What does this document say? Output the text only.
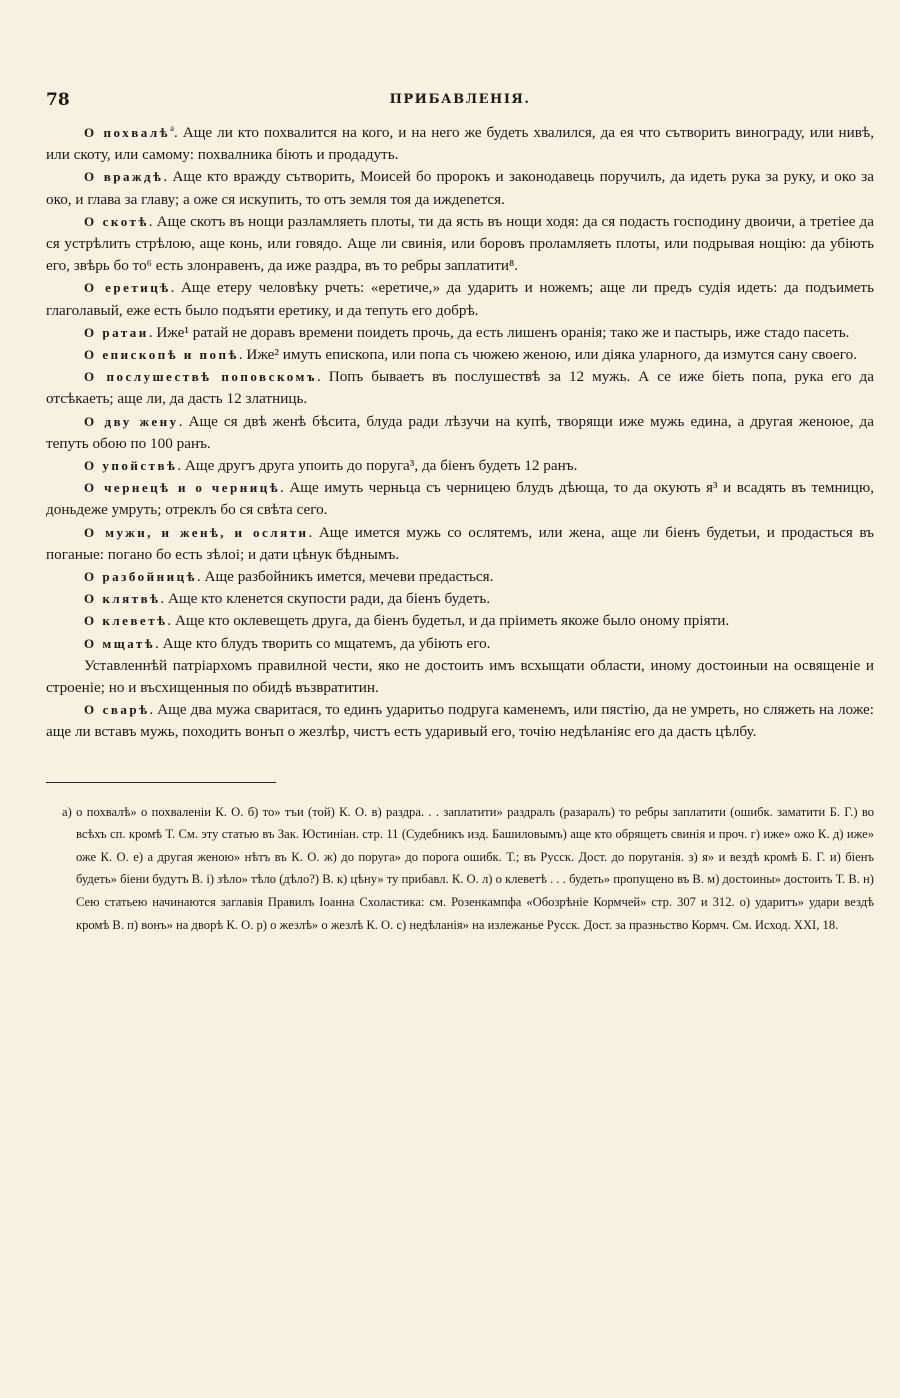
78	ПРИБАВЛЕНІЯ.

О похвалѣ$^а$. Аще ли кто похвалится на кого, и на него же будеть хвалился, да ея что сътворить винограду, или нивѣ, или скоту, или самому: похвалника біють и продадуть.

О враждѣ. Аще кто вражду сътворить, Моисей бо пророкъ и законодавець поручилъ, да идеть рука за руку, и око за око, и глава за главу; а оже ся искупить, то отъ земля тоя да иждenется.

О скотѣ. Аще скотъ въ нощи разламляеть плоты, ти да ясть въ нощи ходя: да ся подасть господину двоичи, а третіее да ся устрѣлить стрѣлою, аще конь, или говядо. Аще ли свинія, или боровъ проламляеть плоты, или подрывая нощію: да убіють его, звѣрь бо то⁶ есть злонравенъ, да иже раздра, въ то ребры заплатити⁸.

О еретицѣ. Аще етеру человѣку рчеть: «еретиче,» да ударить и ножемъ; аще ли предъ судія идеть: да подъиметь глаголавый, еже есть было подъяти еретику, и да тепуть его добрѣ.

О ратаи. Иже¹ ратай не доравъ времени поидеть прочь, да есть лишенъ оранія; тако же и пастырь, иже стадо пасеть.

О епископѣ и попѣ. Иже² имуть епископа, или попа съ чюжею женою, или діяка уларного, да измутся сану своего.

О послушествѣ поповскомъ. Попъ бываетъ въ послушествѣ за 12 мужь. А се иже біеть попа, рука его да отсѣкаеть; аще ли, да дасть 12 златниць.

О дву жену. Аще ся двѣ женѣ бѣсита, блуда ради лѣзучи на купѣ, творящи иже мужь едина, а другая женоюе, да тепуть обою по 100 ранъ.

О упойствѣ. Аще другъ друга упоить до поруга³, да біенъ будеть 12 ранъ.

О чернецѣ и о черницѣ. Аще имуть черньца съ черницею блудъ дѣюща, то да окують я³ и всадять въ темницю, доньдеже умруть; отреклъ бо ся свѣта сего.

О мужи, и женѣ, и осляти. Аще имется мужь со ослятемъ, или жена, аще ли біенъ будетьи, и продасться въ поганые: погано бо есть зѣлоі; и дати цѣнук бѣднымъ.

О разбойницѣ. Аще разбойникъ имется, мечеви предасться.

О клятвѣ. Аще кто кленется скупости ради, да біенъ будеть.

О клеветѣ. Аще кто оклевещеть друга, да біенъ будетьл, и да пріиметь якоже было оному пріяти.

О мщатѣ. Аще кто блудъ творить со мщатемъ, да убіють его.

Уставленнѣй патріархомъ правилной чести, яко не достоить имъ всхыщати области, иному достоиныи на освященіе и строеніе; но и въсхищенныя по обидѣ възвратитин.

О сварѣ. Аще два мужа сваритася, то единъ ударитьо подруга каменемъ, или пястію, да не умреть, но сляжеть на ложе: аще ли вставъ мужь, походить вонъп о жезлѣр, чистъ есть ударивый его, точію недѣланіяс его да дасть цѣлбу.

а) о похвалѣ» о похваленіи К. О. б) то» тъи (той) К. О. в) раздра. . . заплатити» раздралъ (разаралъ) то ребры заплатити (ошибк. заматити Б. Г.) во всѣхъ сп. кромѣ Т. См. эту статью въ Зак. Юстиніан. стр. 11 (Судебникъ изд. Башиловымъ) аще кто обрящетъ свинія и проч. г) иже» ожо К. д) иже» оже К. О. е) а другая женою» нѣтъ въ К. О. ж) до поруга» до порога ошибк. Т.; въ Русск. Дост. до поруганія. з) я» и вездѣ кромѣ Б. Г. и) біенъ будеть» біени будутъ В. і) зѣло» тѣло (дѣло?) В. к) цѣну» ту прибавл. К. О. л) о клеветѣ . . . будеть» пропущено въ В. м) достоины» достоить Т. В. н) Сею статьею начинаются заглавія Правилъ Іоанна Схоластика: см. Розенкампфа «Обозрѣніе Кормчей» стр. 307 и 312. о) ударитъ» удари вездѣ кромѣ В. п) вонъ» на дворѣ К. О. р) о жезлѣ» о жезлѣ К. О. с) недѣланія» на излежанье Русск. Дост. за празньство Кормч. См. Исход. XXI, 18.
